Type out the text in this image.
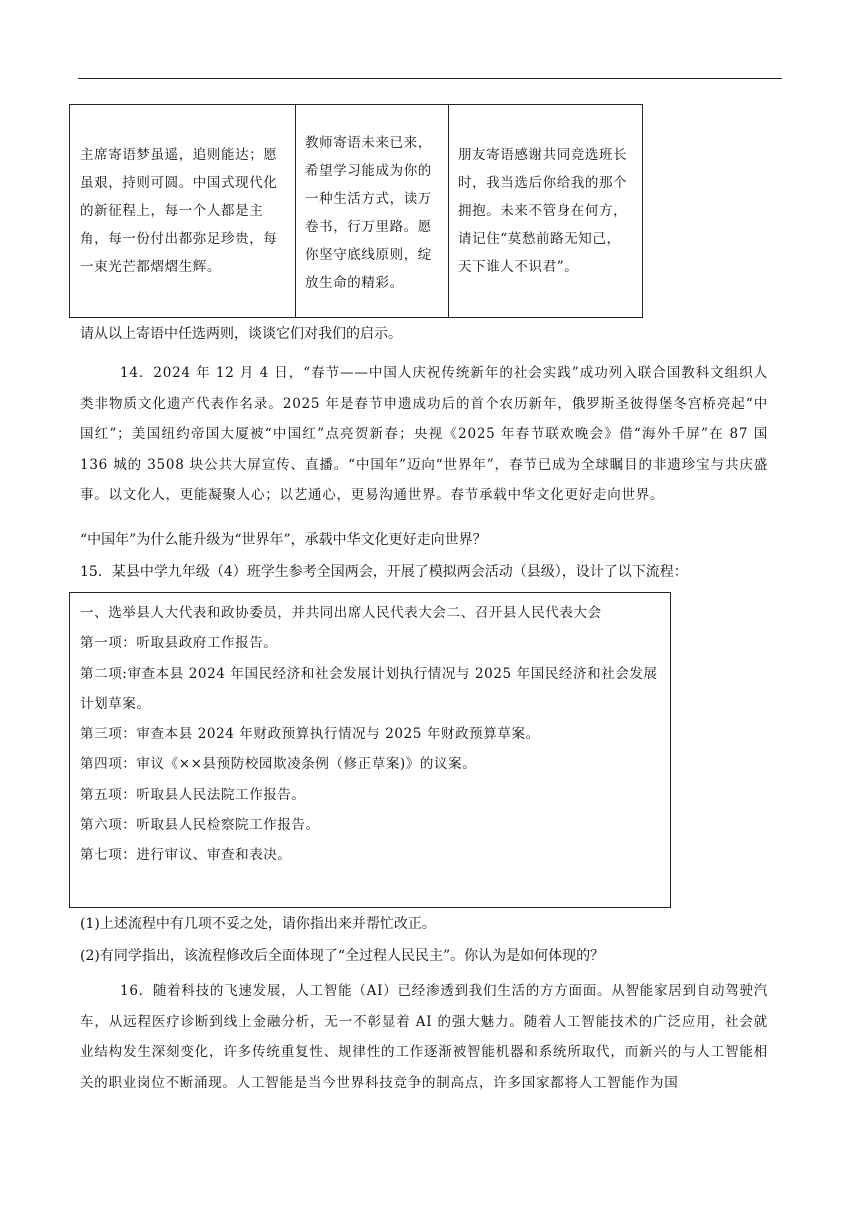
主席寄语梦虽遥，追则能达；愿虽艰，持则可圆。中国式现代化的新征程上，每一个人都是主角，每一份付出都弥足珍贵，每一束光芒都熠熠生辉。
教师寄语未来已来，希望学习能成为你的一种生活方式，读万卷书，行万里路。愿你坚守底线原则，绽放生命的精彩。
朋友寄语感谢共同竞选班长时，我当选后你给我的那个拥抱。未来不管身在何方，请记住“莫愁前路无知己，天下谁人不识君”。
请从以上寄语中任选两则，谈谈它们对我们的启示。
14．2024 年 12 月 4 日，“春节——中国人庆祝传统新年的社会实践”成功列入联合国教科文组织人类非物质文化遗产代表作名录。2025 年是春节申遗成功后的首个农历新年，俄罗斯圣彼得堡冬宫桥亮起“中国红”；美国纽约帝国大厦被“中国红”点亮贺新春；央视《2025 年春节联欢晚会》借“海外千屏”在 87 国 136 城的 3508 块公共大屏宣传、直播。“中国年”迈向“世界年”，春节已成为全球瞩目的非遗珍宝与共庆盛事。以文化人，更能凝聚人心；以艺通心，更易沟通世界。春节承载中华文化更好走向世界。
“中国年”为什么能升级为“世界年”，承载中华文化更好走向世界？
15．某县中学九年级（4）班学生参考全国两会，开展了模拟两会活动（县级），设计了以下流程：
一、选举县人大代表和政协委员，并共同出席人民代表大会二、召开县人民代表大会
第一项：听取县政府工作报告。
第二项:审查本县 2024 年国民经济和社会发展计划执行情况与 2025 年国民经济和社会发展计划草案。
第三项：审查本县 2024 年财政预算执行情况与 2025 年财政预算草案。
第四项：审议《××县预防校园欺凌条例（修正草案)》的议案。
第五项：听取县人民法院工作报告。
第六项：听取县人民检察院工作报告。
第七项：进行审议、审查和表决。
(1)上述流程中有几项不妥之处，请你指出来并帮忙改正。
(2)有同学指出，该流程修改后全面体现了“全过程人民民主”。你认为是如何体现的？
16．随着科技的飞速发展，人工智能（AI）已经渗透到我们生活的方方面面。从智能家居到自动驾驶汽车，从远程医疗诊断到线上金融分析，无一不彰显着 AI 的强大魅力。随着人工智能技术的广泛应用，社会就业结构发生深刻变化，许多传统重复性、规律性的工作逐渐被智能机器和系统所取代，而新兴的与人工智能相关的职业岗位不断涌现。人工智能是当今世界科技竞争的制高点，许多国家都将人工智能作为国
